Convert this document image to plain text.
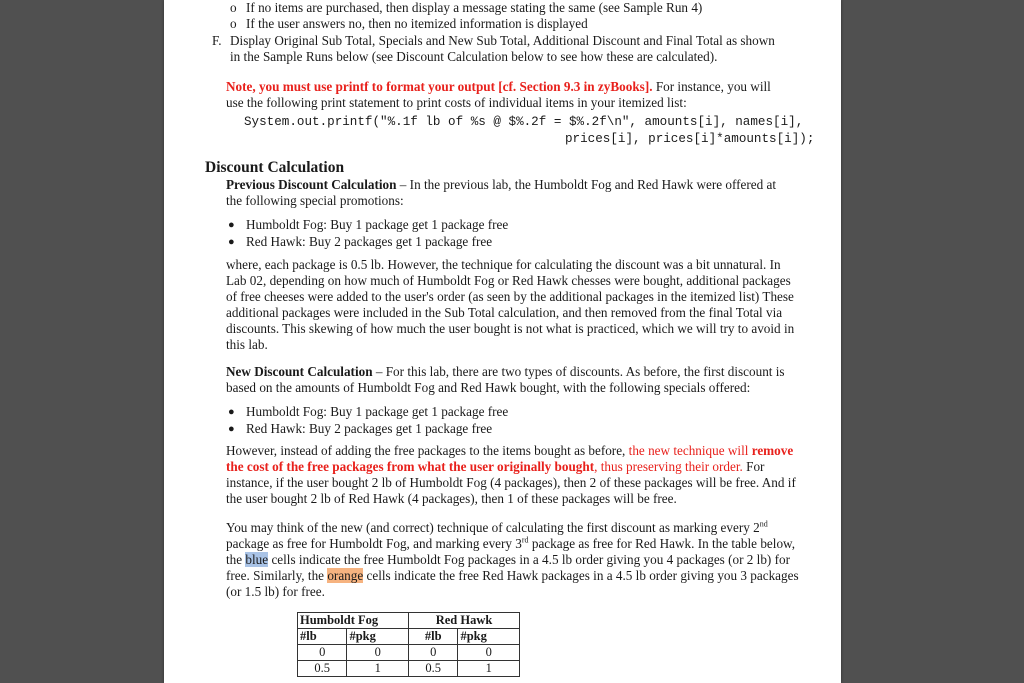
o If no items are purchased, then display a message stating the same (see Sample Run 4)
o If the user answers no, then no itemized information is displayed
F. Display Original Sub Total, Specials and New Sub Total, Additional Discount and Final Total as shown
in the Sample Runs below (see Discount Calculation below to see how these are calculated).
Note, you must use printf to format your output [cf. Section 9.3 in zyBooks]. For instance, you will
use the following print statement to print costs of individual items in your itemized list:
System.out.printf("%.1f lb of %s @ $%.2f = $%.2f\n", amounts[i], names[i],
prices[i], prices[i]*amounts[i]);
Discount Calculation
Previous Discount Calculation – In the previous lab, the Humboldt Fog and Red Hawk were offered at
the following special promotions:
● Humboldt Fog: Buy 1 package get 1 package free
● Red Hawk: Buy 2 packages get 1 package free
where, each package is 0.5 lb. However, the technique for calculating the discount was a bit unnatural. In
Lab 02, depending on how much of Humboldt Fog or Red Hawk chesses were bought, additional packages
of free cheeses were added to the user's order (as seen by the additional packages in the itemized list) These
additional packages were included in the Sub Total calculation, and then removed from the final Total via
discounts. This skewing of how much the user bought is not what is practiced, which we will try to avoid in
this lab.
New Discount Calculation – For this lab, there are two types of discounts. As before, the first discount is
based on the amounts of Humboldt Fog and Red Hawk bought, with the following specials offered:
● Humboldt Fog: Buy 1 package get 1 package free
● Red Hawk: Buy 2 packages get 1 package free
However, instead of adding the free packages to the items bought as before, the new technique will remove
the cost of the free packages from what the user originally bought, thus preserving their order. For
instance, if the user bought 2 lb of Humboldt Fog (4 packages), then 2 of these packages will be free. And if
the user bought 2 lb of Red Hawk (4 packages), then 1 of these packages will be free.
You may think of the new (and correct) technique of calculating the first discount as marking every 2nd
package as free for Humboldt Fog, and marking every 3rd package as free for Red Hawk. In the table below,
the blue cells indicate the free Humboldt Fog packages in a 4.5 lb order giving you 4 packages (or 2 lb) for
free. Similarly, the orange cells indicate the free Red Hawk packages in a 4.5 lb order giving you 3 packages
(or 1.5 lb) for free.
Humboldt Fog		Red Hawk	
#lb	#pkg	#lb	#pkg
0	0	0	0
0.5	1	0.5	1
